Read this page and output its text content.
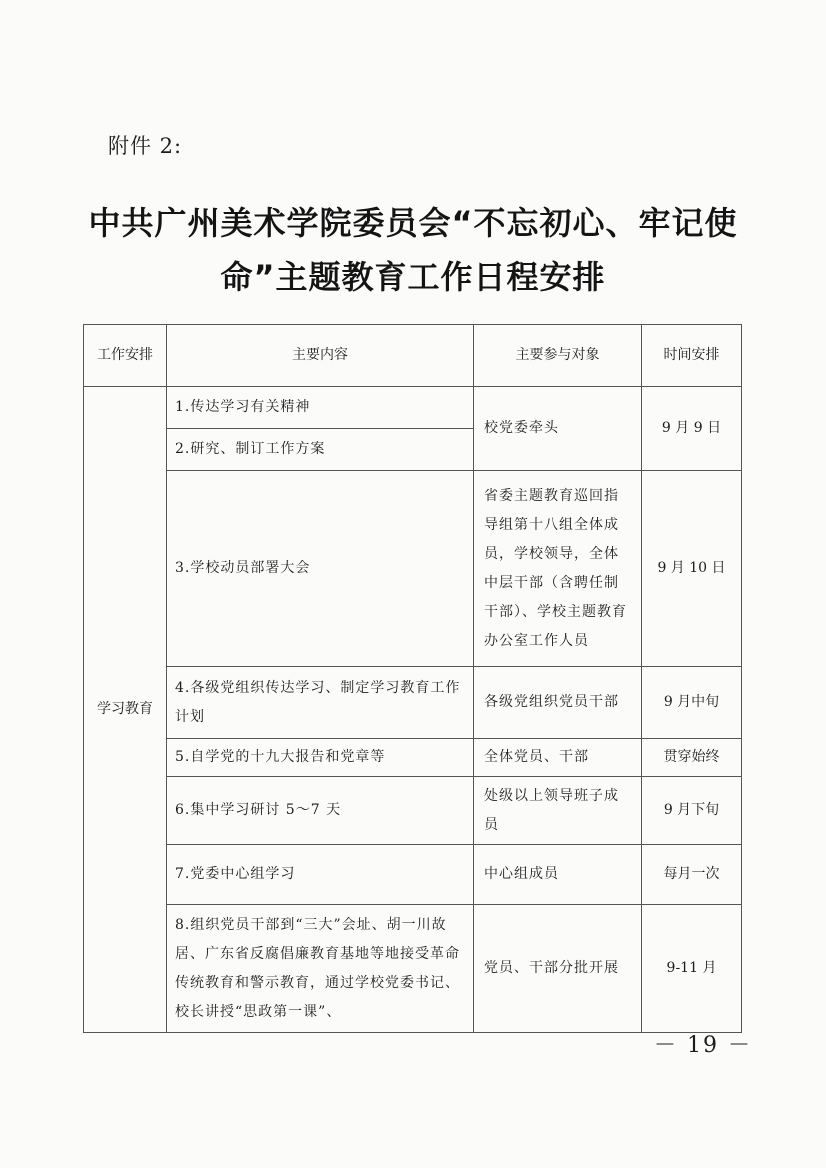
附件 2:
中共广州美术学院委员会“不忘初心、牢记使
命”主题教育工作日程安排
工作安排	主要内容	主要参与对象	时间安排
学习教育	1.传达学习有关精神	校党委牵头	9 月 9 日
	2.研究、制订工作方案		
	3.学校动员部署大会	省委主题教育巡回指导组第十八组全体成员，学校领导，全体中层干部（含聘任制干部）、学校主题教育办公室工作人员	9 月 10 日
	4.各级党组织传达学习、制定学习教育工作计划	各级党组织党员干部	9 月中旬
	5.自学党的十九大报告和党章等	全体党员、干部	贯穿始终
	6.集中学习研讨 5～7 天	处级以上领导班子成员	9 月下旬
	7.党委中心组学习	中心组成员	每月一次
	8.组织党员干部到“三大”会址、胡一川故居、广东省反腐倡廉教育基地等地接受革命传统教育和警示教育，通过学校党委书记、校长讲授“思政第一课”、	党员、干部分批开展	9-11 月
－ 19 －
